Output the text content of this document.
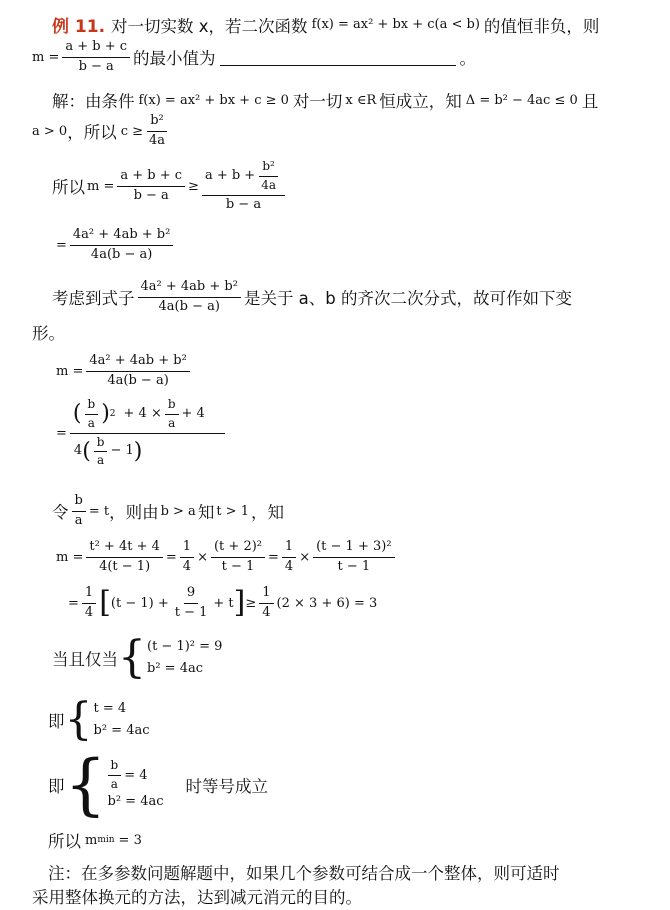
例 11. 对一切实数 x，若二次函数 f(x) = ax² + bx + c(a < b) 的值恒非负，则
$m = \frac{a + b + c}{b - a}$ 的最小值为	。
解：由条件 f(x) = ax² + bx + c ≥ 0 对一切 x ∈R 恒成立，知 Δ = b² − 4ac ≤ 0 且
a > 0 ，所以 $c \ge \frac{\text{b²}}{4a}$
所以 $m = \frac{a + b + c}{b - a} \ge \frac{a + b + \frac{\text{b²}}{4a}}{b - a}$
= $\frac{\text{4a² + 4ab + b²}}{4a(b - a)}$
考虑到式子 $\frac{\text{4a² + 4ab + b²}}{4a(b - a)}$ 是关于 a、b 的齐次二次分式，故可作如下变
形。
$m = \frac{\text{4a² + 4ab + b²}}{4a(b - a)}$
=
( $\frac{b}{a}$ ) $2 + 4 \times \frac{b}{a} + 4$
4 ( $\frac{b}{a} - 1$ )
令 $\frac{b}{a} = t$ ，则由 b > a 知 t > 1 ，知
$m = \frac{\text{t² + 4t + 4}}{4(t - 1)} = \frac{1}{4} \times \frac{\text{(t + 2)²}}{t - 1} = \frac{1}{4} \times \frac{\text{(t − 1 + 3)²}}{t - 1}$
= $\frac{1}{4}$ [ $(t - 1) + \frac{9}{t - 1} + t$ ] ≥ $\frac{1}{4} (2 \times 3 + 6) = 3$
当且仅当 { (t − 1)² = 9
b² = 4ac
即 { t = 4
b² = 4ac
即 { $\frac{b}{a} = 4$
b² = 4ac
时等号成立
所以 m min = 3
注：在多参数问题解题中，如果几个参数可结合成一个整体，则可适时
采用整体换元的方法，达到减元消元的目的。
